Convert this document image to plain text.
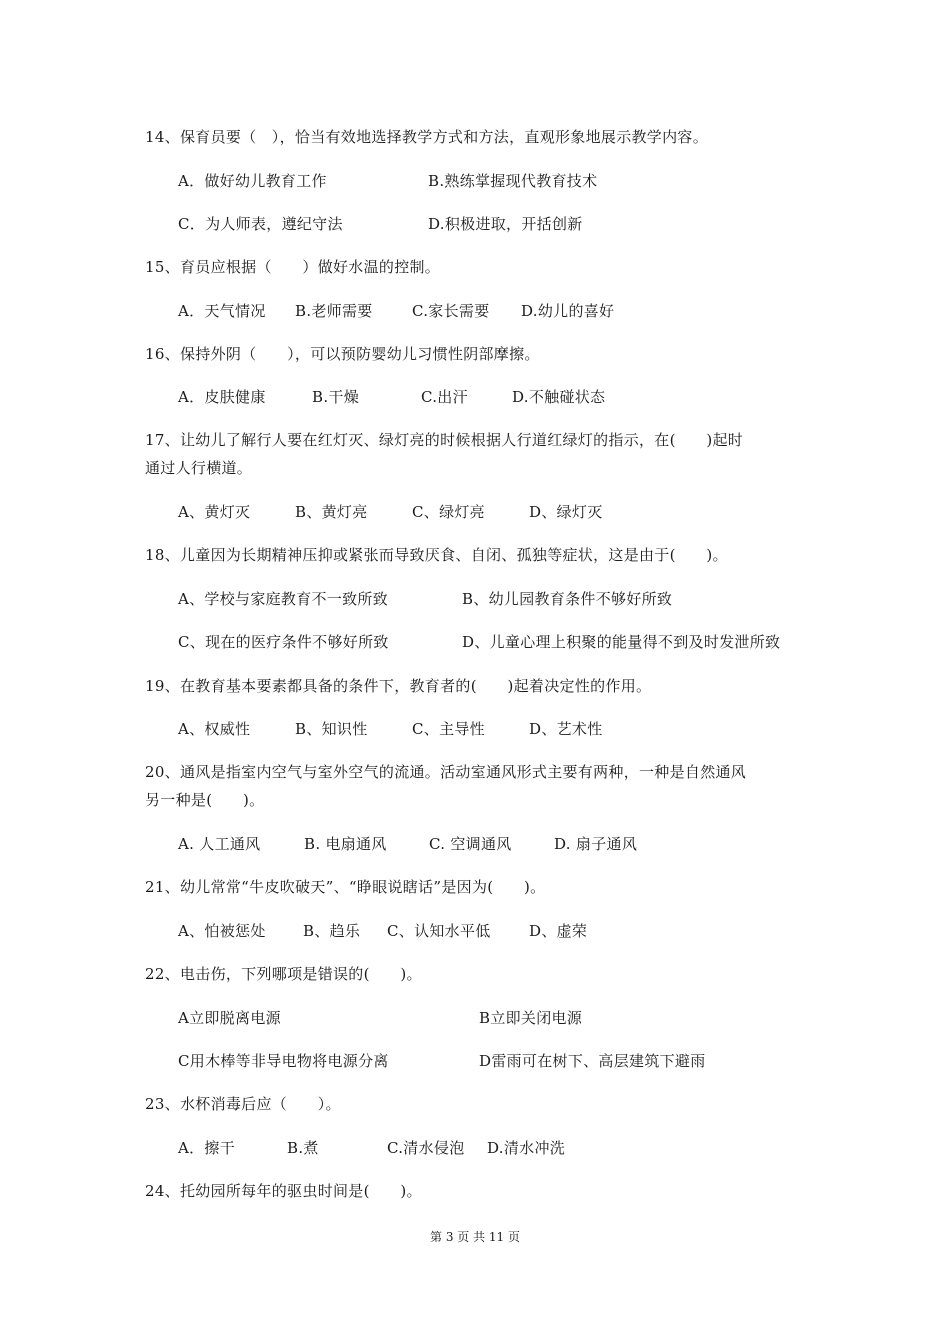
14、保育员要（　），恰当有效地选择教学方式和方法，直观形象地展示教学内容。
A．做好幼儿教育工作	B.熟练掌握现代教育技术
C．为人师表，遵纪守法	D.积极进取，开括创新
15、育员应根据（　　）做好水温的控制。
A．天气情况 B.老师需要	C.家长需要 D.幼儿的喜好
16、保持外阴（　　），可以预防婴幼儿习惯性阴部摩擦。
A．皮肤健康	B.干燥	C.出汗	D.不触碰状态
17、让幼儿了解行人要在红灯灭、绿灯亮的时候根据人行道红绿灯的指示，在(　　)起时
通过人行横道。
A、黄灯灭	B、黄灯亮	C、绿灯亮	D、绿灯灭
18、儿童因为长期精神压抑或紧张而导致厌食、自闭、孤独等症状，这是由于(　　)。
A、学校与家庭教育不一致所致	B、幼儿园教育条件不够好所致
C、现在的医疗条件不够好所致	D、儿童心理上积聚的能量得不到及时发泄所致
19、在教育基本要素都具备的条件下，教育者的(　　)起着决定性的作用。
A、权威性	B、知识性	C、主导性	D、艺术性
20、通风是指室内空气与室外空气的流通。活动室通风形式主要有两种，一种是自然通风
另一种是(　　)。
A. 人工通风	B. 电扇通风	C. 空调通风	D. 扇子通风
21、幼儿常常“牛皮吹破天”、“睁眼说瞎话”是因为(　　)。
A、怕被惩处 B、趋乐 C、认知水平低	D、虚荣
22、电击伤，下列哪项是错误的(　　)。
A立即脱离电源	B立即关闭电源
C用木棒等非导电物将电源分离	D雷雨可在树下、高层建筑下避雨
23、水杯消毒后应（　　）。
A．擦干	B.煮	C.清水侵泡 D.清水冲洗
24、托幼园所每年的驱虫时间是(　　)。
第 3 页 共 11 页
